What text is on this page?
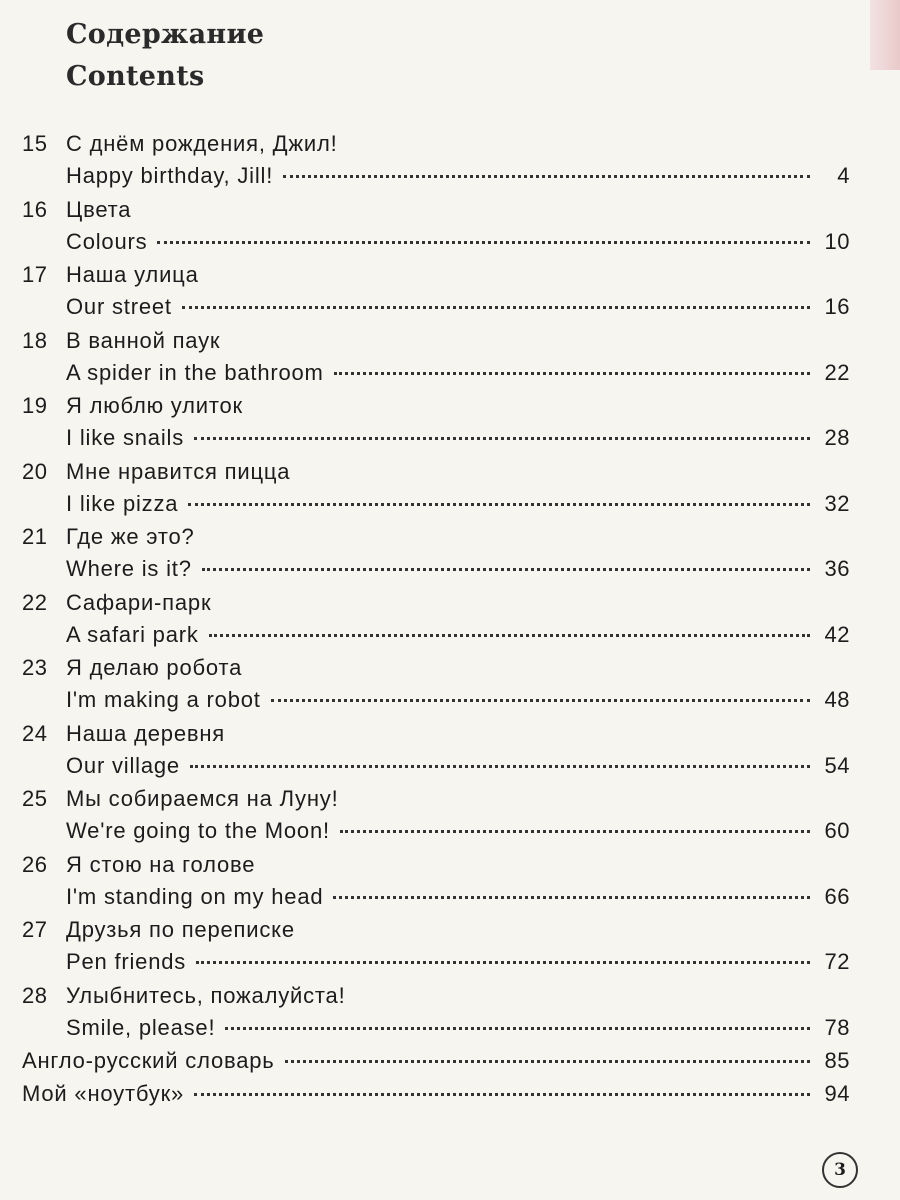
Содержание
Contents
15 С днём рождения, Джил!
Happy birthday, Jill!	4
16 Цвета
Colours	10
17 Наша улица
Our street	16
18 В ванной паук
A spider in the bathroom	22
19 Я люблю улиток
I like snails	28
20 Мне нравится пицца
I like pizza	32
21 Где же это?
Where is it?	36
22 Сафари-парк
A safari park	42
23 Я делаю робота
I'm making a robot	48
24 Наша деревня
Our village	54
25 Мы собираемся на Луну!
We're going to the Moon!	60
26 Я стою на голове
I'm standing on my head	66
27 Друзья по переписке
Pen friends	72
28 Улыбнитесь, пожалуйста!
Smile, please!	78
Англо-русский словарь	85
Мой «ноутбук»	94
3
